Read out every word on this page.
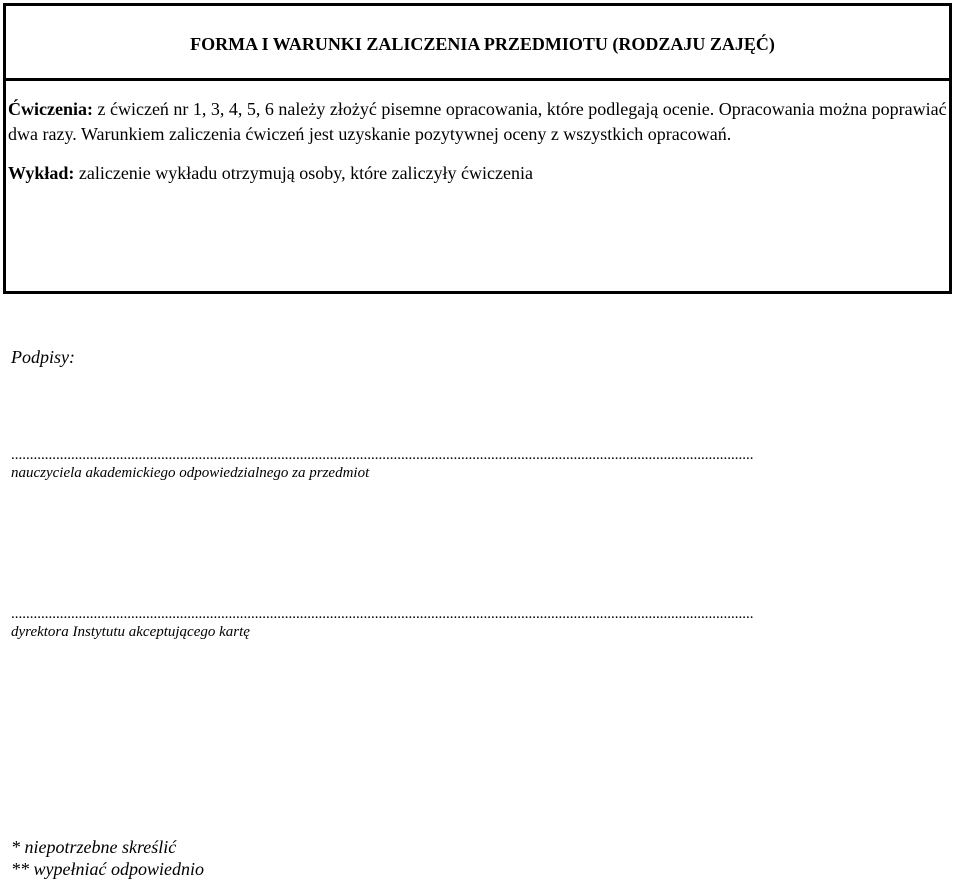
FORMA I WARUNKI ZALICZENIA PRZEDMIOTU (RODZAJU ZAJĘĆ)

Ćwiczenia: z ćwiczeń nr 1, 3, 4, 5, 6 należy złożyć pisemne opracowania, które podlegają ocenie. Opracowania można poprawiać dwa razy. Warunkiem zaliczenia ćwiczeń jest uzyskanie pozytywnej oceny z wszystkich opracowań.

Wykład: zaliczenie wykładu otrzymują osoby, które zaliczyły ćwiczenia

Podpisy:

......................................................................................................................................................................................................
nauczyciela akademickiego odpowiedzialnego za przedmiot
......................................................................................................................................................................................................
dyrektora Instytutu akceptującego kartę
* niepotrzebne skreślić
** wypełniać odpowiednio
